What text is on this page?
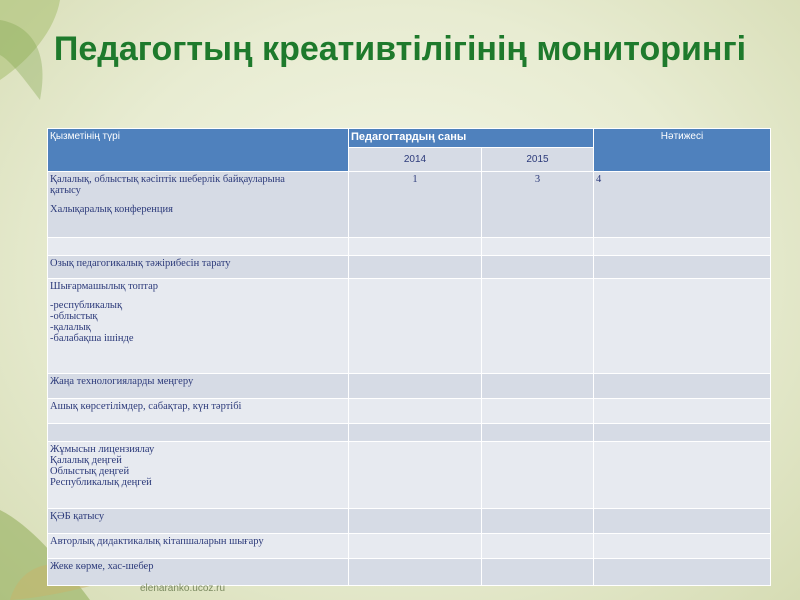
Педагогтың креативтілігінің мониторингі
Қызметінің түрі	Педагогтардың саны		Нәтижесі
	2014	2015	

Қалалық, облыстық кәсіптік шеберлік байқауларына
қатысу
Халықаралық конференция	1	3	4

Озық педагогикалық тәжірибесін тарату			

Шығармашылық топтар
-республикалық
-облыстық
-қалалық
-балабақша ішінде			

Жаңа технологияларды меңгеру			

Ашық көрсетілімдер, сабақтар, күн тәртібі			

Жұмысын лицензиялау
Қалалық деңгей
Облыстық деңгей
Республикалық деңгей			

ҚӘБ қатысу			

Авторлық дидактикалық кітапшаларын шығару			

Жеке көрме, хас-шебер			

elenaranko.ucoz.ru
